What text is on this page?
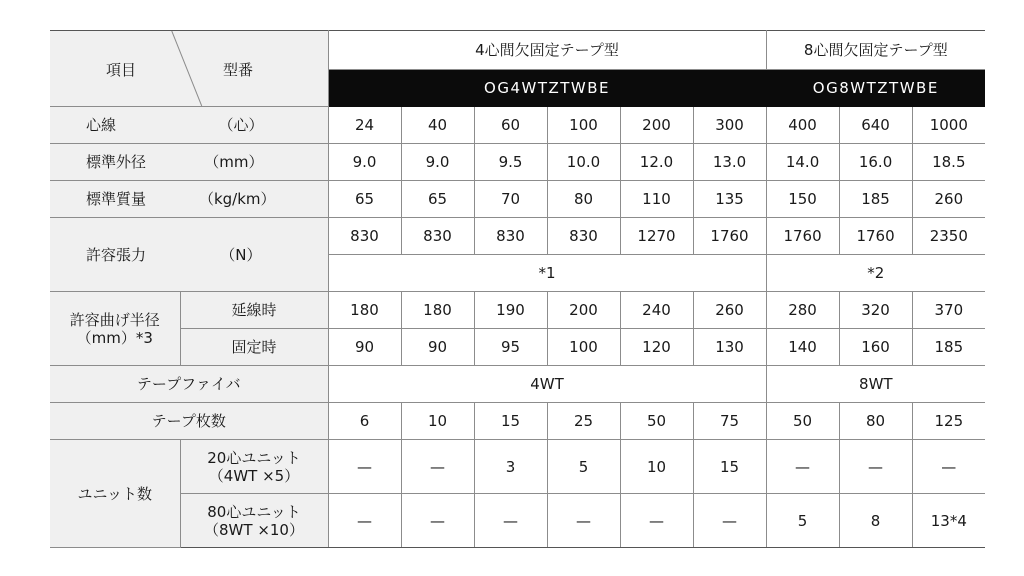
項目 型番		4心間欠固定テープ型						8心間欠固定テープ型		
		OG4WTZTWBE						OG8WTZTWBE		

心線 （心）		24	40	60	100	200	300	400	640	1000

標準外径 （mm）		9.0	9.0	9.5	10.0	12.0	13.0	14.0	16.0	18.5

標準質量 （kg/km）		65	65	70	80	110	135	150	185	260

許容張力 （N）		830	830	830	830	1270	1760	1760	1760	2350
		*1						*2		

許容曲げ半径
（mm）*3	延線時	180	180	190	200	240	260	280	320	370
	固定時	90	90	95	100	120	130	140	160	185
テープファイバ		4WT						8WT		
テープ枚数		6	10	15	25	50	75	50	80	125
ユニット数	20心ユニット
（4WT ×5）	—	—	3	5	10	15	—	—	—

	80心ユニット
（8WT ×10）	—	—	—	—	—	—	5	8	13*4
